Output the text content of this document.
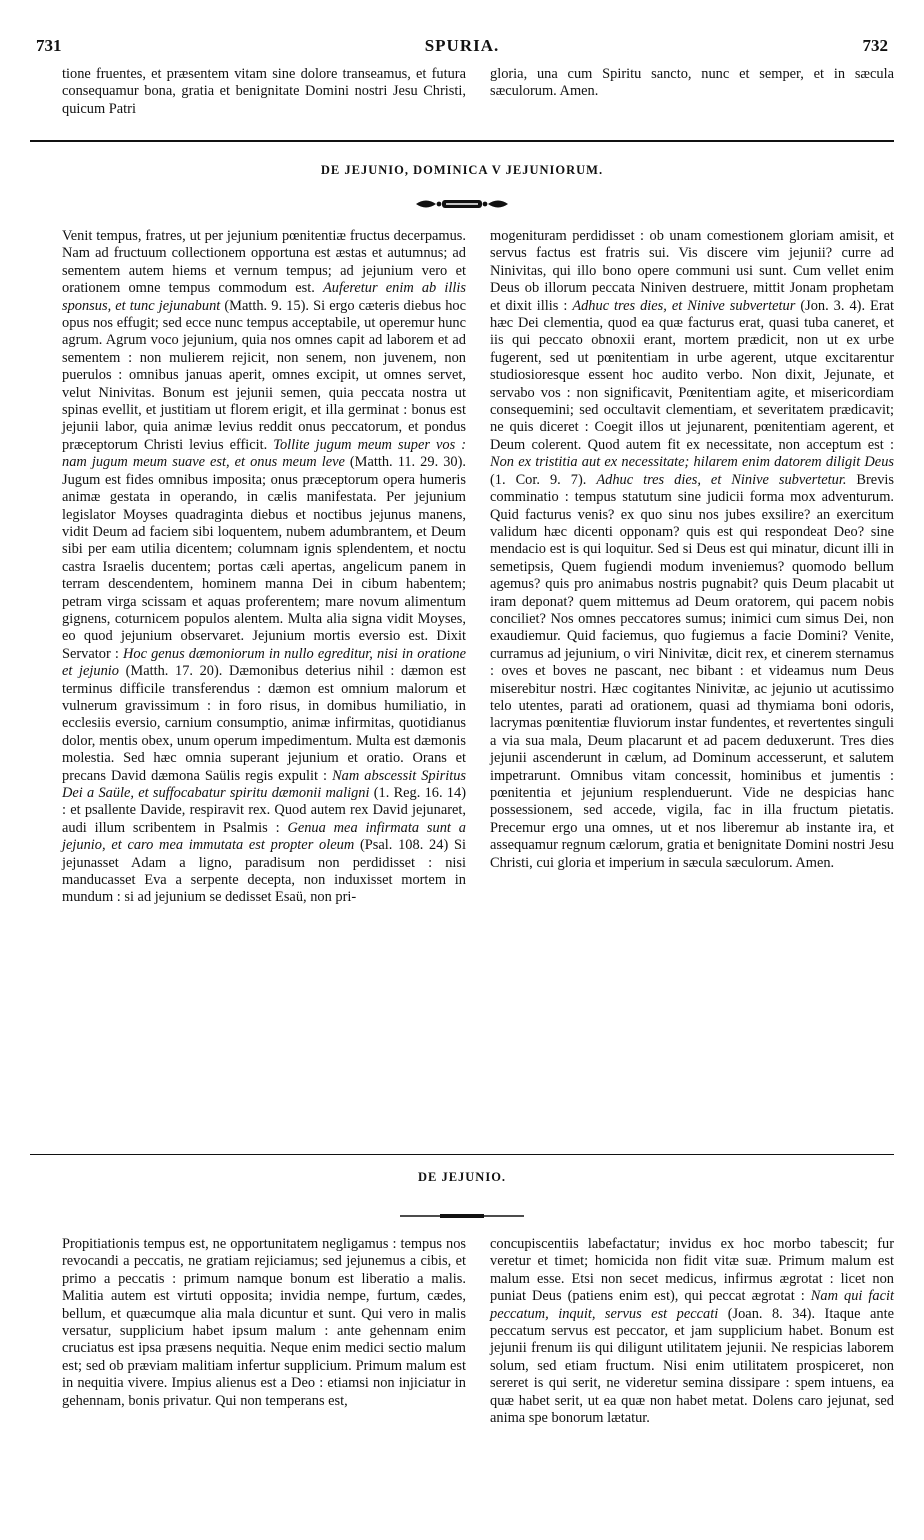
731	SPURIA.	732

tione fruentes, et præsentem vitam sine dolore transeamus, et futura consequamur bona, gratia et benignitate Domini nostri Jesu Christi, quicum Patri

gloria, una cum Spiritu sancto, nunc et semper, et in sæcula sæculorum. Amen.

DE JEJUNIO, DOMINICA V JEJUNIORUM.

Venit tempus, fratres, ut per jejunium pœnitentiæ fructus decerpamus. Nam ad fructuum collectionem opportuna est æstas et autumnus; ad sementem autem hiems et vernum tempus; ad jejunium vero et orationem omne tempus commodum est. Auferetur enim ab illis sponsus, et tunc jejunabunt (Matth. 9. 15). Si ergo cæteris diebus hoc opus nos effugit; sed ecce nunc tempus acceptabile, ut operemur hunc agrum. Agrum voco jejunium, quia nos omnes capit ad laborem et ad sementem : non mulierem rejicit, non senem, non juvenem, non puerulos : omnibus januas aperit, omnes excipit, ut omnes servet, velut Ninivitas. Bonum est jejunii semen, quia peccata nostra ut spinas evellit, et justitiam ut florem erigit, et illa germinat : bonus est jejunii labor, quia animæ levius reddit onus peccatorum, et pondus præceptorum Christi levius efficit. Tollite jugum meum super vos : nam jugum meum suave est, et onus meum leve (Matth. 11. 29. 30). Jugum est fides omnibus imposita; onus præceptorum opera humeris animæ gestata in operando, in cælis manifestata. Per jejunium legislator Moyses quadraginta diebus et noctibus jejunus manens, vidit Deum ad faciem sibi loquentem, nubem adumbrantem, et Deum sibi per eam utilia dicentem; columnam ignis splendentem, et noctu castra Israelis ducentem; portas cæli apertas, angelicum panem in terram descendentem, hominem manna Dei in cibum habentem; petram virga scissam et aquas proferentem; mare novum alimentum gignens, coturnicem populos alentem. Multa alia signa vidit Moyses, eo quod jejunium observaret. Jejunium mortis eversio est. Dixit Servator : Hoc genus dæmoniorum in nullo egreditur, nisi in oratione et jejunio (Matth. 17. 20). Dæmonibus deterius nihil : dæmon est terminus difficile transferendus : dæmon est omnium malorum et vulnerum gravissimum : in foro risus, in domibus humiliatio, in ecclesiis eversio, carnium consumptio, animæ infirmitas, quotidianus dolor, mentis obex, unum operum impedimentum. Multa est dæmonis molestia. Sed hæc omnia superant jejunium et oratio. Orans et precans David dæmona Saülis regis expulit : Nam abscessit Spiritus Dei a Saüle, et suffocabatur spiritu dæmonii maligni (1. Reg. 16. 14) : et psallente Davide, respiravit rex. Quod autem rex David jejunaret, audi illum scribentem in Psalmis : Genua mea infirmata sunt a jejunio, et caro mea immutata est propter oleum (Psal. 108. 24) Si jejunasset Adam a ligno, paradisum non perdidisset : nisi manducasset Eva a serpente decepta, non induxisset mortem in mundum : si ad jejunium se dedisset Esaü, non pri-

mogenituram perdidisset : ob unam comestionem gloriam amisit, et servus factus est fratris sui. Vis discere vim jejunii? curre ad Ninivitas, qui illo bono opere communi usi sunt. Cum vellet enim Deus ob illorum peccata Niniven destruere, mittit Jonam prophetam et dixit illis : Adhuc tres dies, et Ninive subvertetur (Jon. 3. 4). Erat hæc Dei clementia, quod ea quæ facturus erat, quasi tuba caneret, et iis qui peccato obnoxii erant, mortem prædicit, non ut ex urbe fugerent, sed ut pœnitentiam in urbe agerent, utque excitarentur studiosioresque essent hoc audito verbo. Non dixit, Jejunate, et servabo vos : non significavit, Pœnitentiam agite, et misericordiam consequemini; sed occultavit clementiam, et severitatem prædicavit; ne quis diceret : Coegit illos ut jejunarent, pœnitentiam agerent, et Deum colerent. Quod autem fit ex necessitate, non acceptum est : Non ex tristitia aut ex necessitate; hilarem enim datorem diligit Deus (1. Cor. 9. 7). Adhuc tres dies, et Ninive subvertetur. Brevis comminatio : tempus statutum sine judicii forma mox adventurum. Quid facturus venis? ex quo sinu nos jubes exsilire? an exercitum validum hæc dicenti opponam? quis est qui respondeat Deo? sine mendacio est is qui loquitur. Sed si Deus est qui minatur, dicunt illi in semetipsis, Quem fugiendi modum inveniemus? quomodo bellum agemus? quis pro animabus nostris pugnabit? quis Deum placabit ut iram deponat? quem mittemus ad Deum oratorem, qui pacem nobis conciliet? Nos omnes peccatores sumus; inimici cum simus Dei, non exaudiemur. Quid faciemus, quo fugiemus a facie Domini? Venite, curramus ad jejunium, o viri Ninivitæ, dicit rex, et cinerem sternamus : oves et boves ne pascant, nec bibant : et videamus num Deus miserebitur nostri. Hæc cogitantes Ninivitæ, ac jejunio ut acutissimo telo utentes, parati ad orationem, quasi ad thymiama boni odoris, lacrymas pœnitentiæ fluviorum instar fundentes, et revertentes singuli a via sua mala, Deum placarunt et ad pacem deduxerunt. Tres dies jejunii ascenderunt in cælum, ad Dominum accesserunt, et salutem impetrarunt. Omnibus vitam concessit, hominibus et jumentis : pœnitentia et jejunium resplenduerunt. Vide ne despicias hanc possessionem, sed accede, vigila, fac in illa fructum pietatis. Precemur ergo una omnes, ut et nos liberemur ab instante ira, et assequamur regnum cælorum, gratia et benignitate Domini nostri Jesu Christi, cui gloria et imperium in sæcula sæculorum. Amen.

DE JEJUNIO.

Propitiationis tempus est, ne opportunitatem negligamus : tempus nos revocandi a peccatis, ne gratiam rejiciamus; sed jejunemus a cibis, et primo a peccatis : primum namque bonum est liberatio a malis. Malitia autem est virtuti opposita; invidia nempe, furtum, cædes, bellum, et quæcumque alia mala dicuntur et sunt. Qui vero in malis versatur, supplicium habet ipsum malum : ante gehennam enim cruciatus est ipsa præsens nequitia. Neque enim medici sectio malum est; sed ob præviam malitiam infertur supplicium. Primum malum est in nequitia vivere. Impius alienus est a Deo : etiamsi non injiciatur in gehennam, bonis privatur. Qui non temperans est,

concupiscentiis labefactatur; invidus ex hoc morbo tabescit; fur veretur et timet; homicida non fidit vitæ suæ. Primum malum est malum esse. Etsi non secet medicus, infirmus ægrotat : licet non puniat Deus (patiens enim est), qui peccat ægrotat : Nam qui facit peccatum, inquit, servus est peccati (Joan. 8. 34). Itaque ante peccatum servus est peccator, et jam supplicium habet. Bonum est jejunii frenum iis qui diligunt utilitatem jejunii. Ne respicias laborem solum, sed etiam fructum. Nisi enim utilitatem prospiceret, non sereret is qui serit, ne videretur semina dissipare : spem intuens, ea quæ habet serit, ut ea quæ non habet metat. Dolens caro jejunat, sed anima spe bonorum lætatur.
